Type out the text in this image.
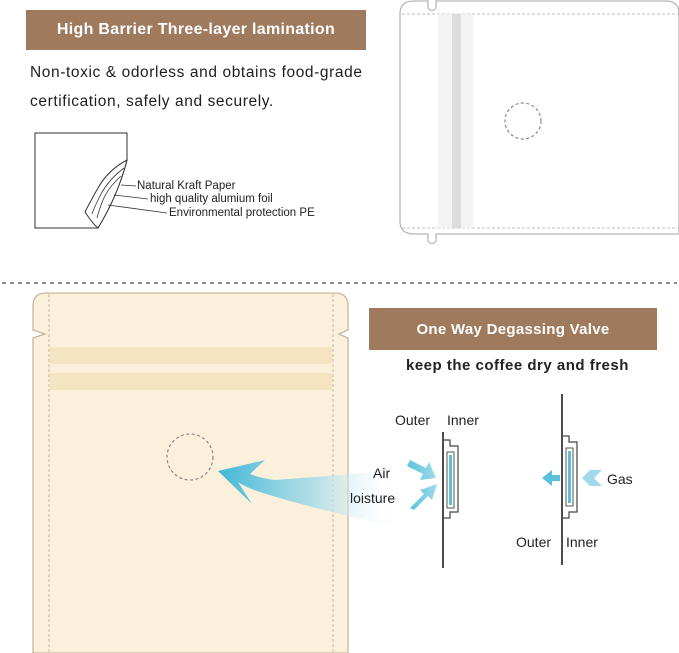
High Barrier Three-layer lamination
Non-toxic & odorless and obtains food-grade
certification, safely and securely.
Natural Kraft Paper
high quality alumium foil
Environmental protection PE
One Way Degassing Valve
keep the coffee dry and fresh
Outer Inner
Air
loisture
Outer Inner
Gas
